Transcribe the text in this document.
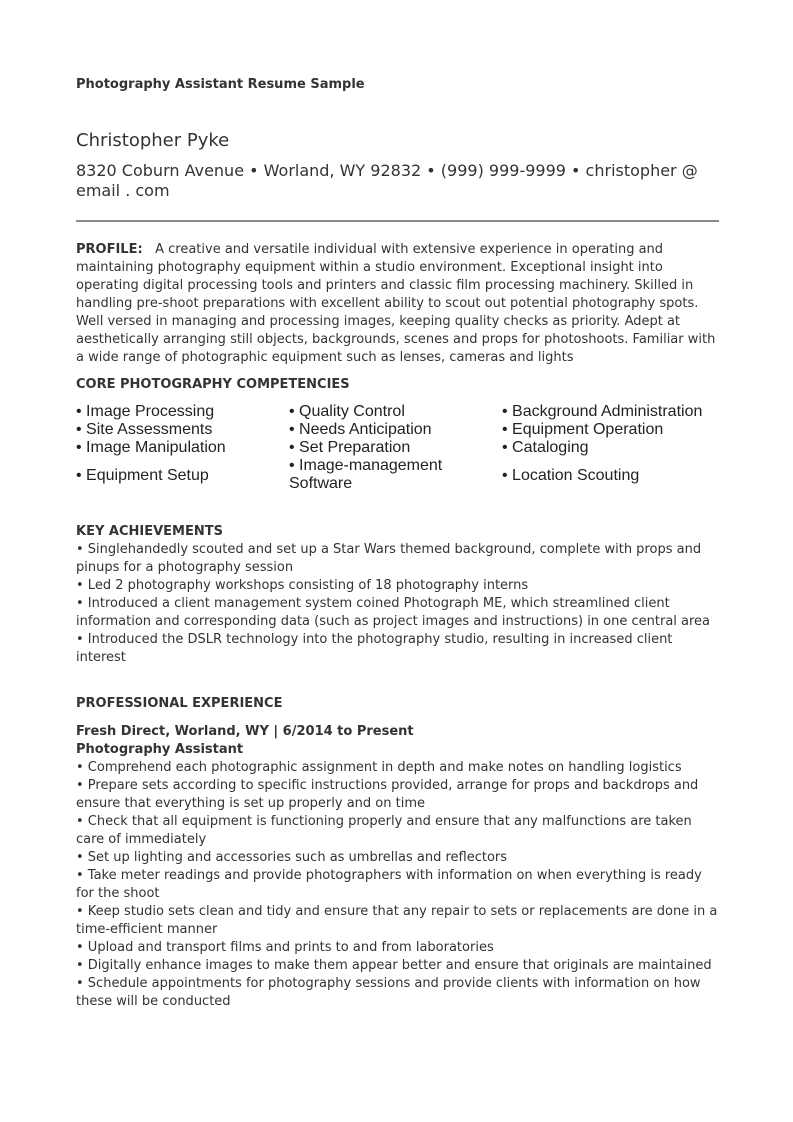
Photography Assistant Resume Sample
Christopher Pyke
8320 Coburn Avenue • Worland, WY 92832 • (999) 999-9999 • christopher @ email . com
PROFILE: A creative and versatile individual with extensive experience in operating and maintaining photography equipment within a studio environment. Exceptional insight into operating digital processing tools and printers and classic film processing machinery. Skilled in handling pre-shoot preparations with excellent ability to scout out potential photography spots. Well versed in managing and processing images, keeping quality checks as priority. Adept at aesthetically arranging still objects, backgrounds, scenes and props for photoshoots. Familiar with a wide range of photographic equipment such as lenses, cameras and lights
CORE PHOTOGRAPHY COMPETENCIES
• Image Processing
• Site Assessments
• Image Manipulation
• Equipment Setup
• Quality Control
• Needs Anticipation
• Set Preparation
• Image-management Software
• Background Administration
• Equipment Operation
• Cataloging
• Location Scouting
KEY ACHIEVEMENTS

• Singlehandedly scouted and set up a Star Wars themed background, complete with props and pinups for a photography session

• Led 2 photography workshops consisting of 18 photography interns

• Introduced a client management system coined Photograph ME, which streamlined client information and corresponding data (such as project images and instructions) in one central area

• Introduced the DSLR technology into the photography studio, resulting in increased client interest

PROFESSIONAL EXPERIENCE
Fresh Direct, Worland, WY | 6/2014 to Present
Photography Assistant

• Comprehend each photographic assignment in depth and make notes on handling logistics

• Prepare sets according to specific instructions provided, arrange for props and backdrops and ensure that everything is set up properly and on time

• Check that all equipment is functioning properly and ensure that any malfunctions are taken care of immediately

• Set up lighting and accessories such as umbrellas and reflectors

• Take meter readings and provide photographers with information on when everything is ready for the shoot

• Keep studio sets clean and tidy and ensure that any repair to sets or replacements are done in a time-efficient manner

• Upload and transport films and prints to and from laboratories

• Digitally enhance images to make them appear better and ensure that originals are maintained

• Schedule appointments for photography sessions and provide clients with information on how these will be conducted
